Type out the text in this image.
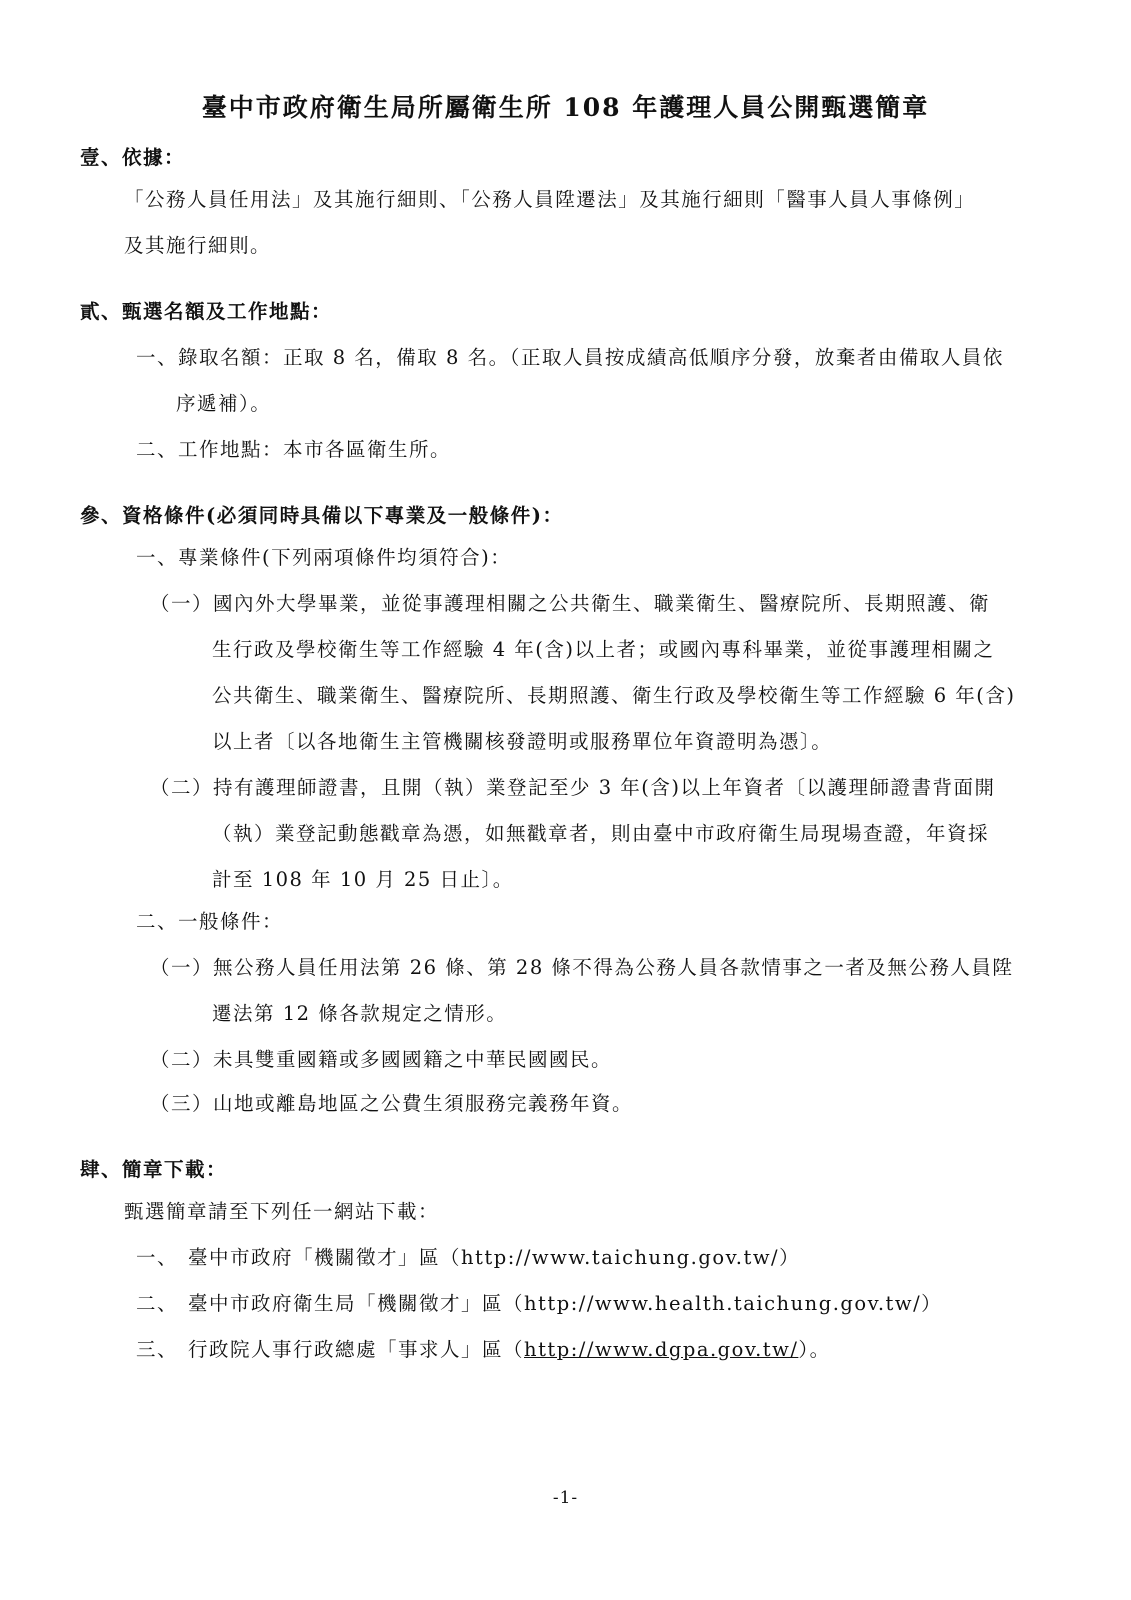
臺中市政府衛生局所屬衛生所 108 年護理人員公開甄選簡章
壹、依據：
「公務人員任用法」及其施行細則、「公務人員陞遷法」及其施行細則「醫事人員人事條例」
及其施行細則。
貳、甄選名額及工作地點：
一、錄取名額：正取 8 名，備取 8 名。（正取人員按成績高低順序分發，放棄者由備取人員依
序遞補）。
二、工作地點：本市各區衛生所。
參、資格條件(必須同時具備以下專業及一般條件)：
一、專業條件(下列兩項條件均須符合)：
（一）國內外大學畢業，並從事護理相關之公共衛生、職業衛生、醫療院所、長期照護、衛
生行政及學校衛生等工作經驗 4 年(含)以上者；或國內專科畢業，並從事護理相關之
公共衛生、職業衛生、醫療院所、長期照護、衛生行政及學校衛生等工作經驗 6 年(含)
以上者〔以各地衛生主管機關核發證明或服務單位年資證明為憑〕。
（二）持有護理師證書，且開（執）業登記至少 3 年(含)以上年資者〔以護理師證書背面開
（執）業登記動態戳章為憑，如無戳章者，則由臺中市政府衛生局現場查證，年資採
計至 108 年 10 月 25 日止〕。
二、一般條件：
（一）無公務人員任用法第 26 條、第 28 條不得為公務人員各款情事之一者及無公務人員陞
遷法第 12 條各款規定之情形。
（二）未具雙重國籍或多國國籍之中華民國國民。
（三）山地或離島地區之公費生須服務完義務年資。
肆、簡章下載：
甄選簡章請至下列任一網站下載：
一、 臺中市政府「機關徵才」區（http://www.taichung.gov.tw/）
二、 臺中市政府衛生局「機關徵才」區（http://www.health.taichung.gov.tw/）
三、 行政院人事行政總處「事求人」區（http://www.dgpa.gov.tw/）。
-1-
